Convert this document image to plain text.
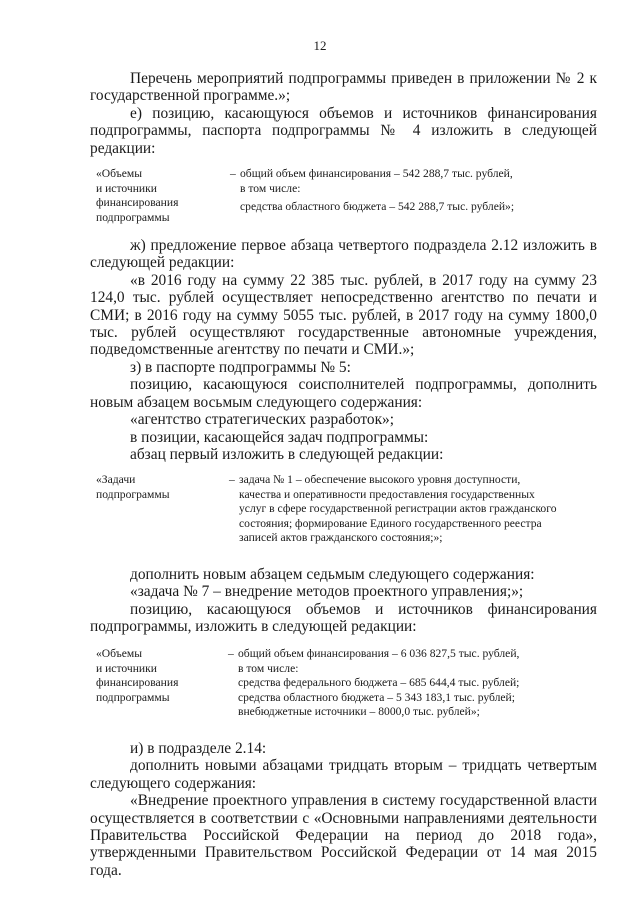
12

Перечень мероприятий подпрограммы приведен в приложении № 2 к государственной программе.»;

е) позицию, касающуюся объемов и источников финансирования подпрограммы, паспорта подпрограммы № 4 изложить в следующей редакции:

«Объемы
и источники
финансирования
подпрограммы
– общий объем финансирования – 542 288,7 тыс. рублей,
в том числе:
средства областного бюджета – 542 288,7 тыс. рублей»;

ж) предложение первое абзаца четвертого подраздела 2.12 изложить в следующей редакции:

«в 2016 году на сумму 22 385 тыс. рублей, в 2017 году на сумму 23 124,0 тыс. рублей осуществляет непосредственно агентство по печати и СМИ; в 2016 году на сумму 5055 тыс. рублей, в 2017 году на сумму 1800,0 тыс. рублей осуществляют государственные автономные учреждения, подведомственные агентству по печати и СМИ.»;

з) в паспорте подпрограммы № 5:

позицию, касающуюся соисполнителей подпрограммы, дополнить новым абзацем восьмым следующего содержания:

«агентство стратегических разработок»;

в позиции, касающейся задач подпрограммы:

абзац первый изложить в следующей редакции:

«Задачи
подпрограммы
– задача № 1 – обеспечение высокого уровня доступности,
качества и оперативности предоставления государственных
услуг в сфере государственной регистрации актов гражданского
состояния; формирование Единого государственного реестра
записей актов гражданского состояния;»;

дополнить новым абзацем седьмым следующего содержания:

«задача № 7 – внедрение методов проектного управления;»;

позицию, касающуюся объемов и источников финансирования подпрограммы, изложить в следующей редакции:

«Объемы
и источники
финансирования
подпрограммы
– общий объем финансирования – 6 036 827,5 тыс. рублей,
в том числе:
средства федерального бюджета – 685 644,4 тыс. рублей;
средства областного бюджета – 5 343 183,1 тыс. рублей;
внебюджетные источники – 8000,0 тыс. рублей»;

и) в подразделе 2.14:

дополнить новыми абзацами тридцать вторым – тридцать четвертым следующего содержания:

«Внедрение проектного управления в систему государственной власти осуществляется в соответствии с «Основными направлениями деятельности Правительства Российской Федерации на период до 2018 года», утвержденными Правительством Российской Федерации от 14 мая 2015 года.
